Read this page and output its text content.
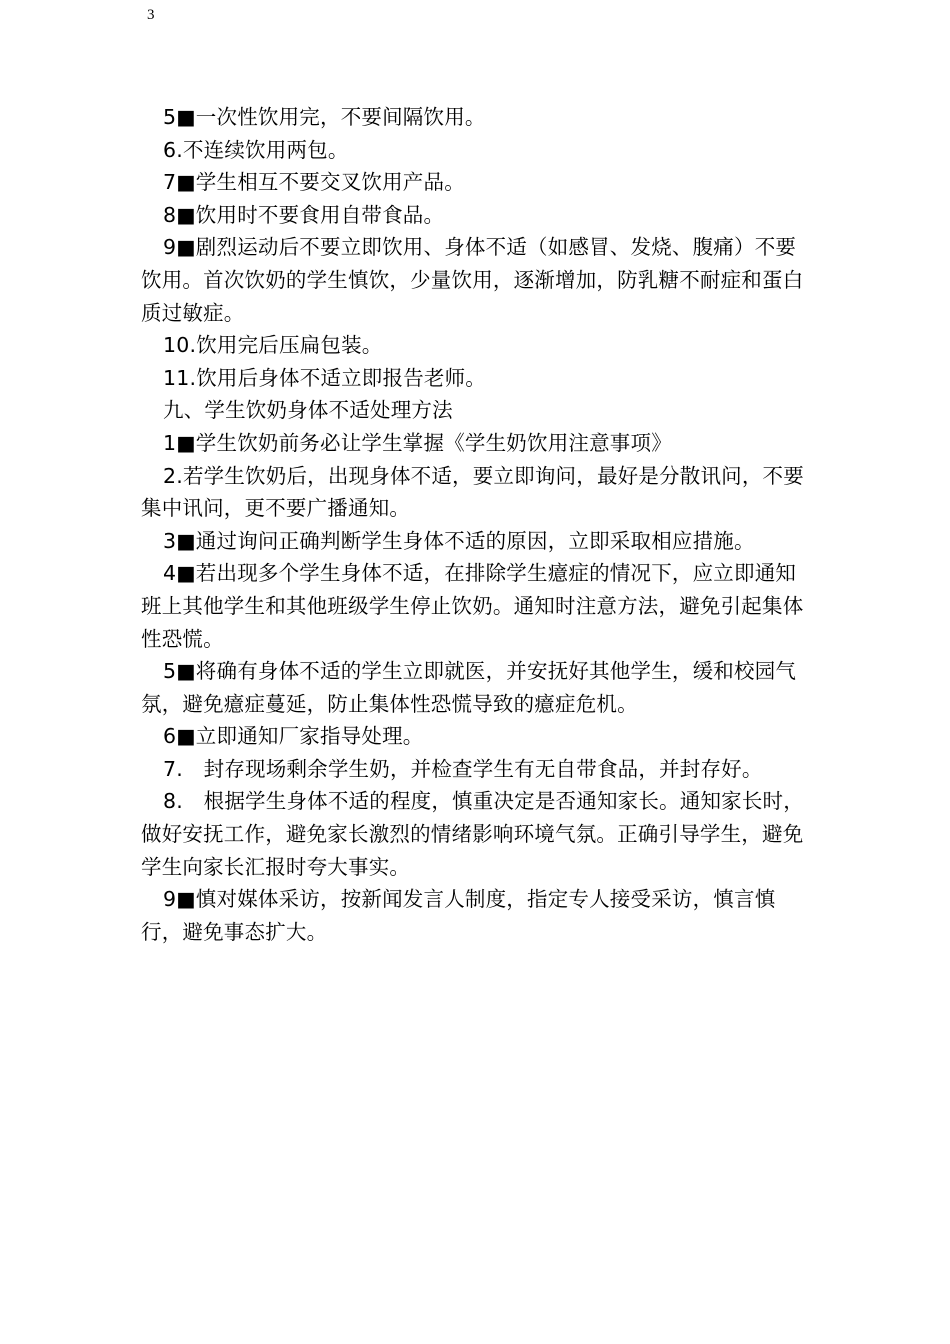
3

5■一次性饮用完，不要间隔饮用。

6.不连续饮用两包。

7■学生相互不要交叉饮用产品。

8■饮用时不要食用自带食品。

9■剧烈运动后不要立即饮用、身体不适（如感冒、发烧、腹痛）不要饮用。首次饮奶的学生慎饮，少量饮用，逐渐增加，防乳糖不耐症和蛋白质过敏症。

10.饮用完后压扁包装。

11.饮用后身体不适立即报告老师。

九、学生饮奶身体不适处理方法

1■学生饮奶前务必让学生掌握《学生奶饮用注意事项》

2.若学生饮奶后，出现身体不适，要立即询问，最好是分散讯问，不要集中讯问，更不要广播通知。

3■通过询问正确判断学生身体不适的原因，立即采取相应措施。

4■若出现多个学生身体不适，在排除学生癔症的情况下，应立即通知班上其他学生和其他班级学生停止饮奶。通知时注意方法，避免引起集体性恐慌。

5■将确有身体不适的学生立即就医，并安抚好其他学生，缓和校园气氛，避免癔症蔓延，防止集体性恐慌导致的癔症危机。

6■立即通知厂家指导处理。

7.　封存现场剩余学生奶，并检查学生有无自带食品，并封存好。

8.　根据学生身体不适的程度，慎重决定是否通知家长。通知家长时，做好安抚工作，避免家长激烈的情绪影响环境气氛。正确引导学生，避免学生向家长汇报时夸大事实。

9■慎对媒体采访，按新闻发言人制度，指定专人接受采访，慎言慎行，避免事态扩大。
